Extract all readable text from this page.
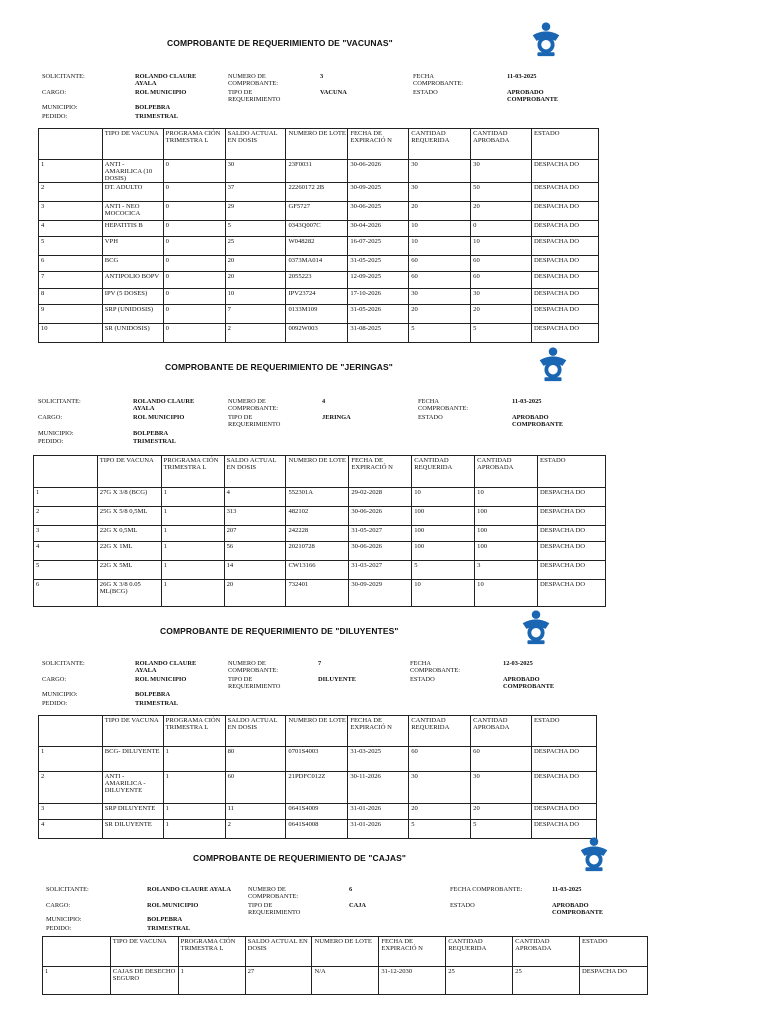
COMPROBANTE DE REQUERIMIENTO DE "VACUNAS"
SOLICITANTE:	ROLANDO CLAURE AYALA
NUMERO DE COMPROBANTE:
3	FECHA COMPROBANTE:
11-03-2025
CARGO:	ROL MUNICIPIO	TIPO DE REQUERIMIENTO
VACUNA	ESTADO	APROBADO COMPROBANTE
MUNICIPIO:	BOLPEBRA
PEDIDO:	TRIMESTRAL
	TIPO DE VACUNA	PROGRAMA CIÓN TRIMESTRA L	SALDO ACTUAL EN DOSIS	NUMERO DE LOTE	FECHA DE EXPIRACIÓ N	CANTIDAD REQUERIDA	CANTIDAD APROBADA	ESTADO
1	ANTI - AMARILICA (10 DOSIS)	0	30	23F0031	30-06-2026	30	30	DESPACHA DO
2	DT. ADULTO	0	37	22260172 2B	30-09-2025	30	50	DESPACHA DO
3	ANTI - NEO MOCOCICA	0	29	GF5727	30-06-2025	20	20	DESPACHA DO
4	HEPATITIS B	0	5	0343Q007C	30-04-2026	10	0	DESPACHA DO
5	VPH	0	25	W048282	16-07-2025	10	10	DESPACHA DO
6	BCG	0	20	0373MA014	31-05-2025	60	60	DESPACHA DO
7	ANTIPOLIO BOPV	0	20	2055223	12-09-2025	60	60	DESPACHA DO
8	IPV (5 DOSES)	0	10	IPV23724	17-10-2026	30	30	DESPACHA DO
9	SRP (UNIDOSIS)	0	7	0133M109	31-05-2026	20	20	DESPACHA DO
10	SR (UNIDOSIS)	0	2	0092W003	31-08-2025	5	5	DESPACHA DO
COMPROBANTE DE REQUERIMIENTO DE "JERINGAS"
SOLICITANTE:	ROLANDO CLAURE AYALA
NUMERO DE COMPROBANTE:
4	FECHA COMPROBANTE:
11-03-2025
CARGO:	ROL MUNICIPIO	TIPO DE REQUERIMIENTO
JERINGA	ESTADO	APROBADO COMPROBANTE
MUNICIPIO:	BOLPEBRA
PEDIDO:	TRIMESTRAL
	TIPO DE VACUNA	PROGRAMA CIÓN TRIMESTRA L	SALDO ACTUAL EN DOSIS	NUMERO DE LOTE	FECHA DE EXPIRACIÓ N	CANTIDAD REQUERIDA	CANTIDAD APROBADA	ESTADO
1	27G X 3/8 (BCG)	1	4	552301A	29-02-2028	10	10	DESPACHA DO
2	25G X 5/8 0,5ML	1	313	482102	30-06-2026	100	100	DESPACHA DO
3	22G X 0,5ML	1	207	242228	31-05-2027	100	100	DESPACHA DO
4	22G X 1ML	1	56	20210728	30-06-2026	100	100	DESPACHA DO
5	22G X 5ML	1	14	CW13166	31-03-2027	5	3	DESPACHA DO
6	26G X 3/8 0.05 ML(BCG)	1	20	732401	30-09-2029	10	10	DESPACHA DO
COMPROBANTE DE REQUERIMIENTO DE "DILUYENTES"
SOLICITANTE:	ROLANDO CLAURE AYALA
NUMERO DE COMPROBANTE:
7	FECHA COMPROBANTE:
12-03-2025
CARGO:	ROL MUNICIPIO	TIPO DE REQUERIMIENTO
DILUYENTE	ESTADO	APROBADO COMPROBANTE
MUNICIPIO:	BOLPEBRA
PEDIDO:	TRIMESTRAL
	TIPO DE VACUNA	PROGRAMA CIÓN TRIMESTRA L	SALDO ACTUAL EN DOSIS	NUMERO DE LOTE	FECHA DE EXPIRACIÓ N	CANTIDAD REQUERIDA	CANTIDAD APROBADA	ESTADO
1	BCG- DILUYENTE	1	80	0701S4003	31-03-2025	60	60	DESPACHA DO
2	ANTI - AMARILICA - DILUYENTE	1	60	21PDFC012Z	30-11-2026	30	30	DESPACHA DO
3	SRP DILUYENTE	1	11	0641S4009	31-01-2026	20	20	DESPACHA DO
4	SR DILUYENTE	1	2	0641S4008	31-01-2026	5	5	DESPACHA DO
COMPROBANTE DE REQUERIMIENTO DE "CAJAS"
SOLICITANTE:	ROLANDO CLAURE AYALA	NUMERO DE COMPROBANTE:
6	FECHA COMPROBANTE:	11-03-2025
CARGO:	ROL MUNICIPIO	TIPO DE REQUERIMIENTO
CAJA	ESTADO	APROBADO COMPROBANTE
MUNICIPIO:	BOLPEBRA
PEDIDO:	TRIMESTRAL
	TIPO DE VACUNA	PROGRAMA CIÓN TRIMESTRA L	SALDO ACTUAL EN DOSIS	NUMERO DE LOTE	FECHA DE EXPIRACIÓ N	CANTIDAD REQUERIDA	CANTIDAD APROBADA	ESTADO
1	CAJAS DE DESECHO SEGURO	1	27	N/A	31-12-2030	25	25	DESPACHA DO
